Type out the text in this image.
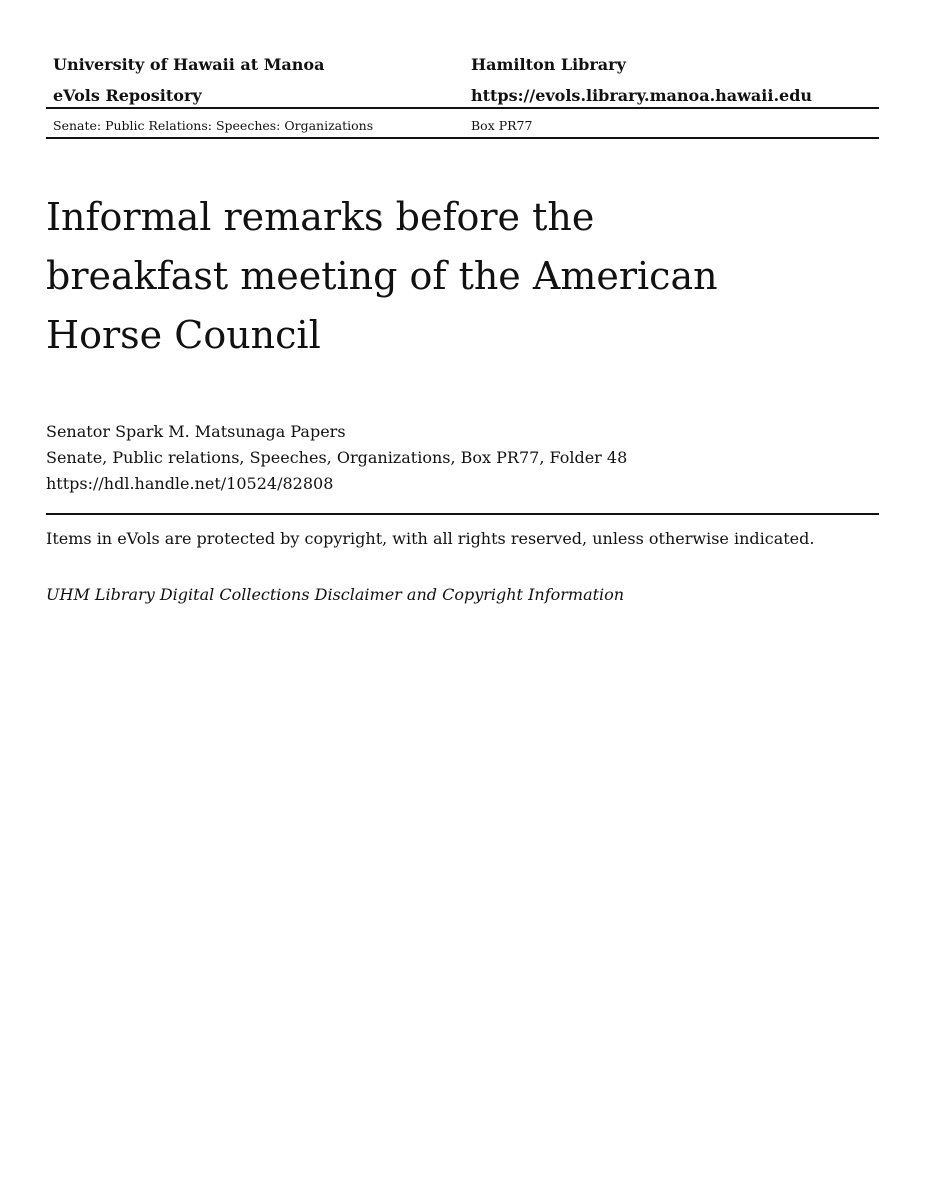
University of Hawaii at Manoa	Hamilton Library
eVols Repository	https://evols.library.manoa.hawaii.edu
Senate: Public Relations: Speeches: Organizations	Box PR77
Informal remarks before the breakfast meeting of the American Horse Council
Senator Spark M. Matsunaga Papers
Senate, Public relations, Speeches, Organizations, Box PR77, Folder 48
https://hdl.handle.net/10524/82808
Items in eVols are protected by copyright, with all rights reserved, unless otherwise indicated.
UHM Library Digital Collections Disclaimer and Copyright Information
